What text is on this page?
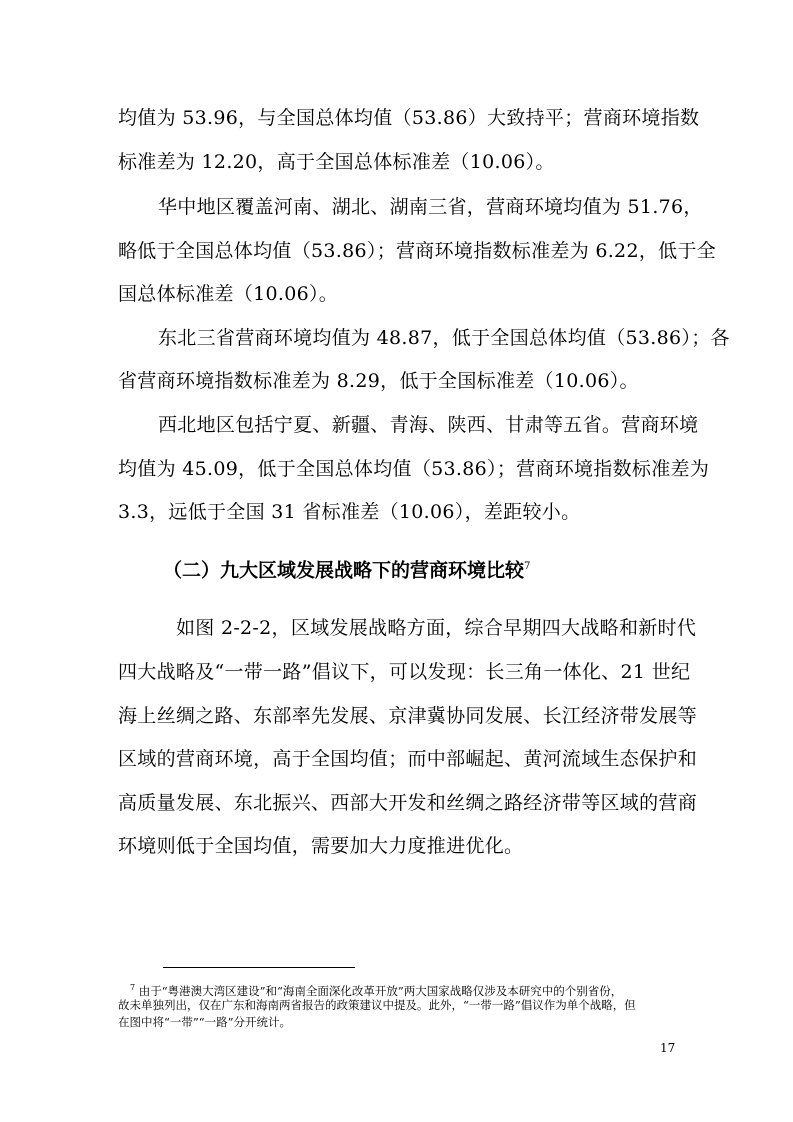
均值为 53.96，与全国总体均值（53.86）大致持平；营商环境指数
标准差为 12.20，高于全国总体标准差（10.06）。
华中地区覆盖河南、湖北、湖南三省，营商环境均值为 51.76，
略低于全国总体均值（53.86）；营商环境指数标准差为 6.22，低于全
国总体标准差（10.06）。
东北三省营商环境均值为 48.87，低于全国总体均值（53.86）；各
省营商环境指数标准差为 8.29，低于全国标准差（10.06）。
西北地区包括宁夏、新疆、青海、陕西、甘肃等五省。营商环境
均值为 45.09，低于全国总体均值（53.86）；营商环境指数标准差为
3.3，远低于全国 31 省标准差（10.06），差距较小。
（二）九大区域发展战略下的营商环境比较$^7$
如图 2-2-2，区域发展战略方面，综合早期四大战略和新时代
四大战略及“一带一路”倡议下，可以发现：长三角一体化、21 世纪
海上丝绸之路、东部率先发展、京津冀协同发展、长江经济带发展等
区域的营商环境，高于全国均值；而中部崛起、黄河流域生态保护和
高质量发展、东北振兴、西部大开发和丝绸之路经济带等区域的营商
环境则低于全国均值，需要加大力度推进优化。
$^7$ 由于“粤港澳大湾区建设”和“海南全面深化改革开放”两大国家战略仅涉及本研究中的个别省份，
故未单独列出，仅在广东和海南两省报告的政策建议中提及。此外，“一带一路”倡议作为单个战略，但
在图中将“一带”“一路”分开统计。
17
